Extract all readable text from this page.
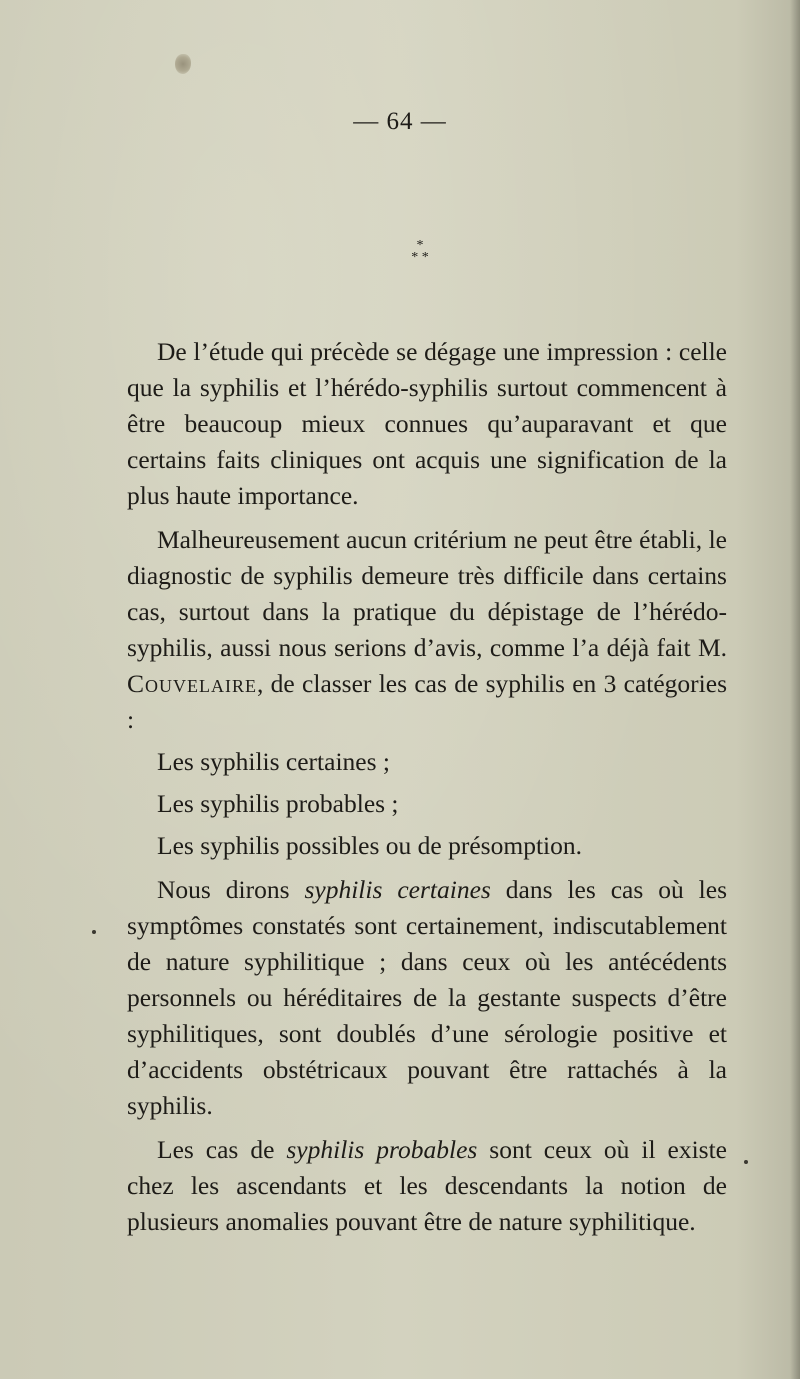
— 64 —
*
* *

De l’étude qui précède se dégage une impression : celle que la syphilis et l’hérédo-syphilis surtout commencent à être beaucoup mieux connues qu’auparavant et que certains faits cliniques ont acquis une signification de la plus haute importance.

Malheureusement aucun critérium ne peut être établi, le diagnostic de syphilis demeure très difficile dans certains cas, surtout dans la pratique du dépistage de l’hérédo-syphilis, aussi nous serions d’avis, comme l’a déjà fait M. Couvelaire, de classer les cas de syphilis en 3 catégories :

Les syphilis certaines ;

Les syphilis probables ;

Les syphilis possibles ou de présomption.

Nous dirons syphilis certaines dans les cas où les symptômes constatés sont certainement, indiscutablement de nature syphilitique ; dans ceux où les antécédents personnels ou héréditaires de la gestante suspects d’être syphilitiques, sont doublés d’une sérologie positive et d’accidents obstétricaux pouvant être rattachés à la syphilis.

Les cas de syphilis probables sont ceux où il existe chez les ascendants et les descendants la notion de plusieurs anomalies pouvant être de nature syphilitique.
